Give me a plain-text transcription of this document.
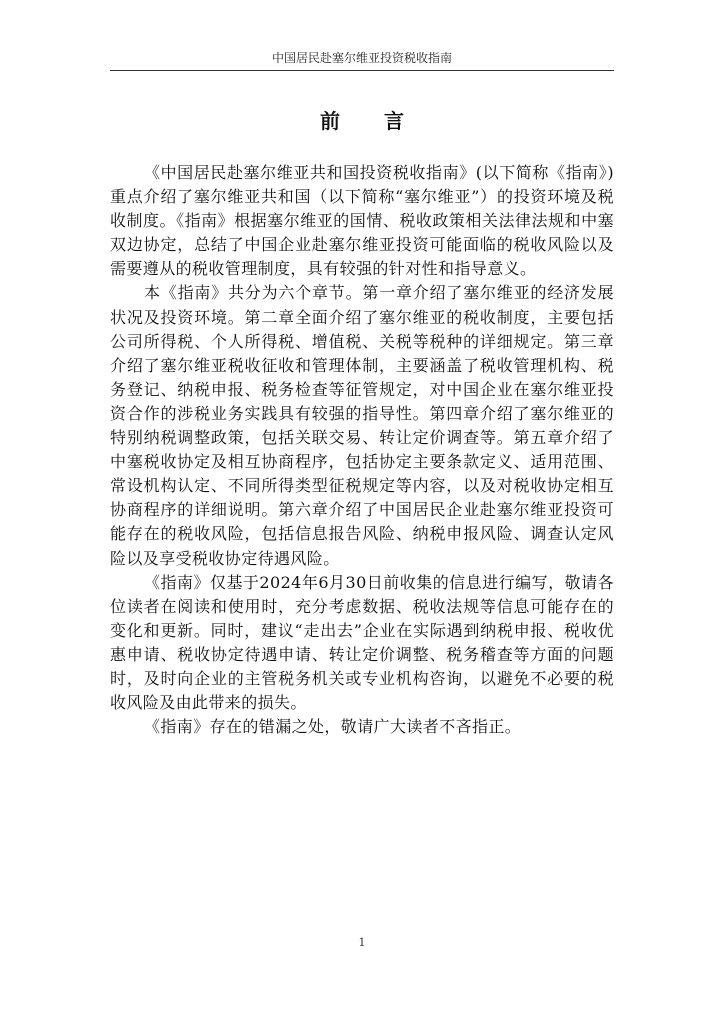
中国居民赴塞尔维亚投资税收指南
前言

《中国居民赴塞尔维亚共和国投资税收指南》(以下简称《指南》)重点介绍了塞尔维亚共和国（以下简称“塞尔维亚”）的投资环境及税收制度。《指南》根据塞尔维亚的国情、税收政策相关法律法规和中塞双边协定，总结了中国企业赴塞尔维亚投资可能面临的税收风险以及需要遵从的税收管理制度，具有较强的针对性和指导意义。

本《指南》共分为六个章节。第一章介绍了塞尔维亚的经济发展状况及投资环境。第二章全面介绍了塞尔维亚的税收制度，主要包括公司所得税、个人所得税、增值税、关税等税种的详细规定。第三章介绍了塞尔维亚税收征收和管理体制，主要涵盖了税收管理机构、税务登记、纳税申报、税务检查等征管规定，对中国企业在塞尔维亚投资合作的涉税业务实践具有较强的指导性。第四章介绍了塞尔维亚的特别纳税调整政策，包括关联交易、转让定价调查等。第五章介绍了中塞税收协定及相互协商程序，包括协定主要条款定义、适用范围、常设机构认定、不同所得类型征税规定等内容，以及对税收协定相互协商程序的详细说明。第六章介绍了中国居民企业赴塞尔维亚投资可能存在的税收风险，包括信息报告风险、纳税申报风险、调查认定风险以及享受税收协定待遇风险。

《指南》仅基于2024年6月30日前收集的信息进行编写，敬请各位读者在阅读和使用时，充分考虑数据、税收法规等信息可能存在的变化和更新。同时，建议“走出去”企业在实际遇到纳税申报、税收优惠申请、税收协定待遇申请、转让定价调整、税务稽查等方面的问题时，及时向企业的主管税务机关或专业机构咨询，以避免不必要的税收风险及由此带来的损失。

《指南》存在的错漏之处，敬请广大读者不吝指正。

1
